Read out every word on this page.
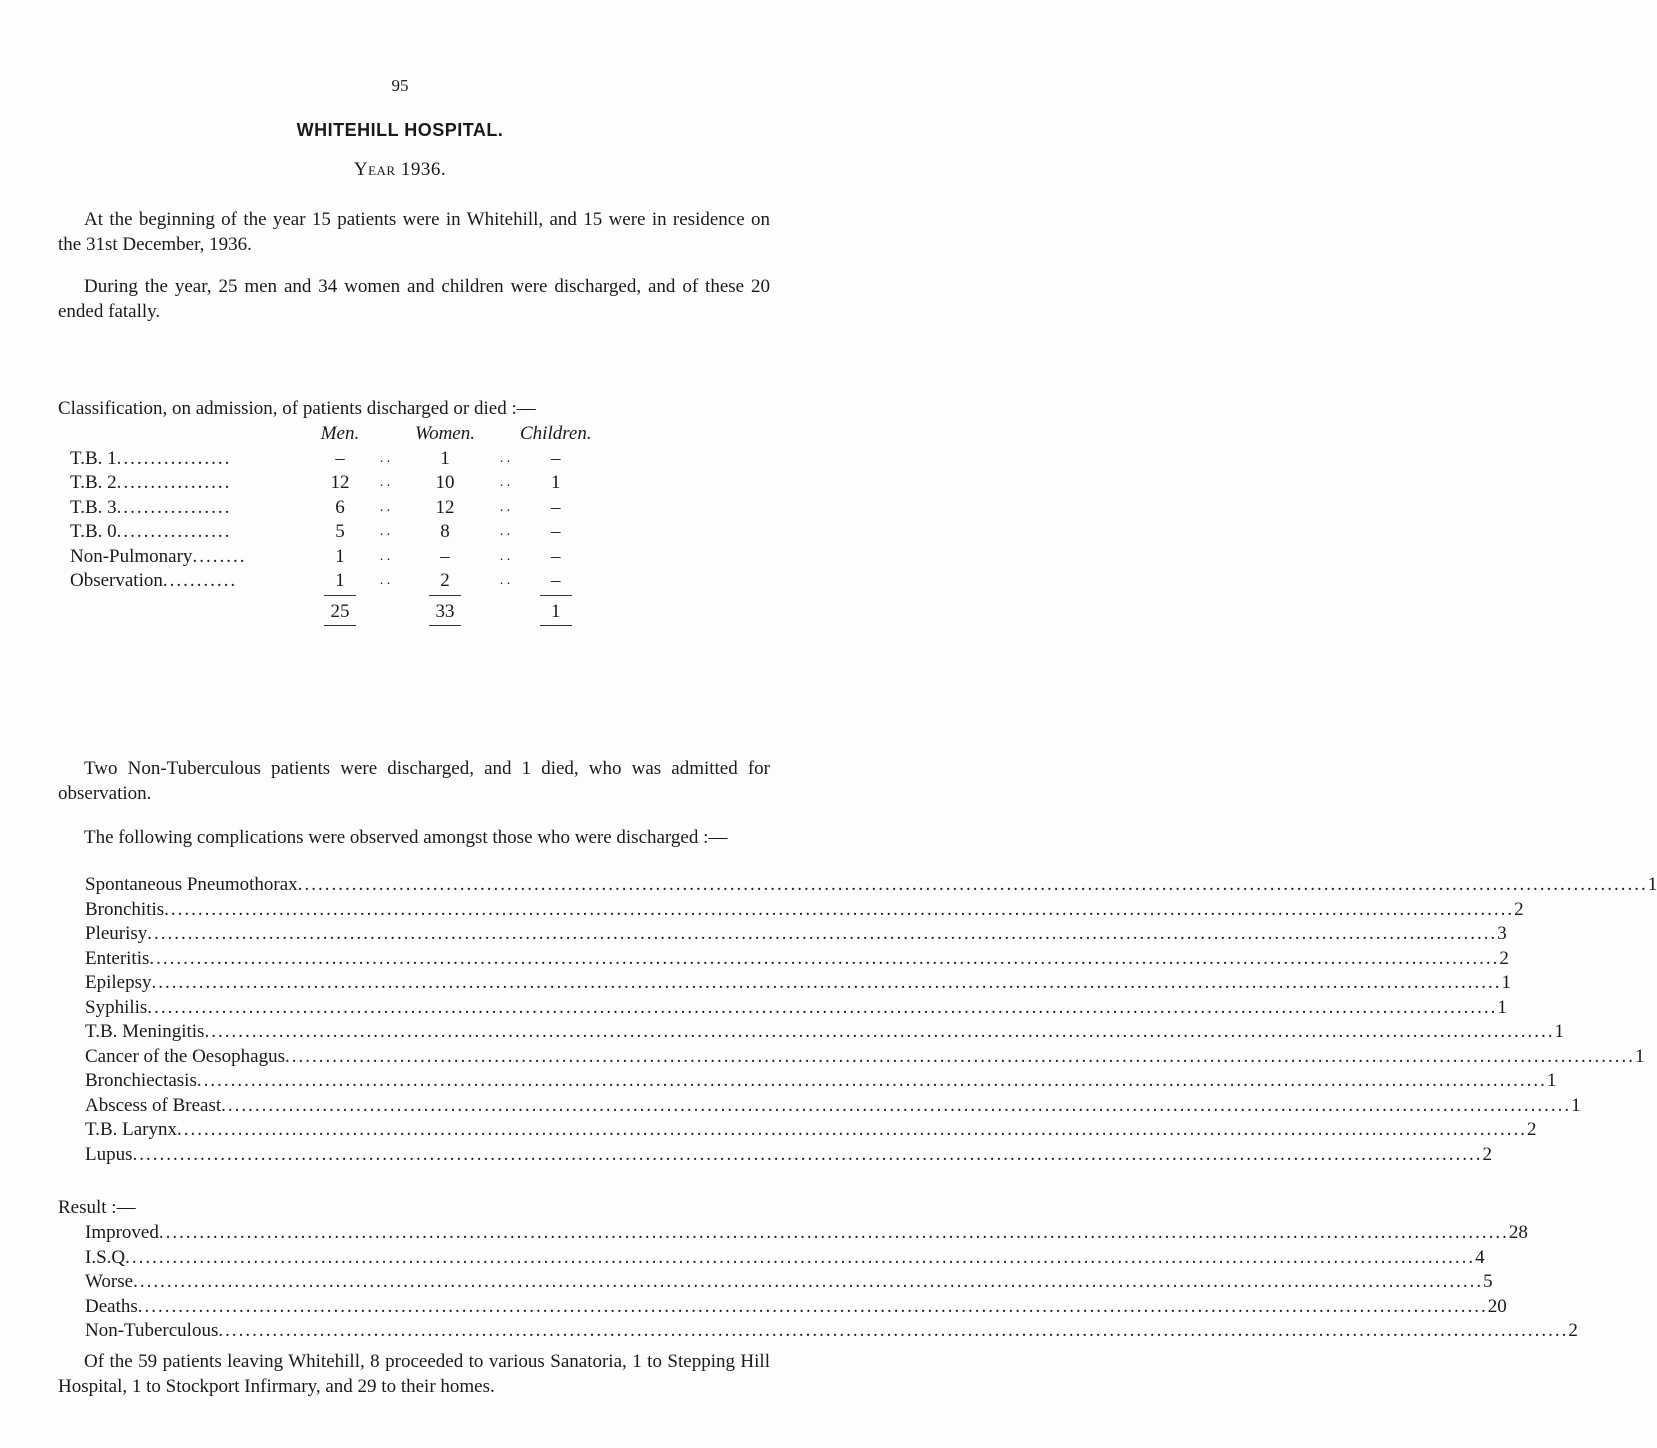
95
WHITEHILL HOSPITAL.
Year 1936.
At the beginning of the year 15 patients were in Whitehill, and 15 were in residence on the 31st December, 1936.
During the year, 25 men and 34 women and children were discharged, and of these 20 ended fatally.
Classification, on admission, of patients discharged or died :—
	Men.		Women.		Children.
T.B. 1.................	–	. .	1	. .	–
T.B. 2.................	12	. .	10	. .	1
T.B. 3.................	6	. .	12	. .	–
T.B. 0.................	5	. .	8	. .	–
Non-Pulmonary........	1	. .	–	. .	–
Observation...........	1	. .	2	. .	–
	25		33		1
Two Non-Tuberculous patients were discharged, and 1 died, who was admitted for observation.
The following complications were observed amongst those who were discharged :—
Spontaneous Pneumothorax ........................................................................................................................................................................................................ 1
Bronchitis ........................................................................................................................................................................................................ 2
Pleurisy ........................................................................................................................................................................................................ 3
Enteritis ........................................................................................................................................................................................................ 2
Epilepsy ........................................................................................................................................................................................................ 1
Syphilis ........................................................................................................................................................................................................ 1
T.B. Meningitis ........................................................................................................................................................................................................ 1
Cancer of the Oesophagus ........................................................................................................................................................................................................ 1
Bronchiectasis ........................................................................................................................................................................................................ 1
Abscess of Breast ........................................................................................................................................................................................................ 1
T.B. Larynx ........................................................................................................................................................................................................ 2
Lupus ........................................................................................................................................................................................................ 2
Result :—
Improved ........................................................................................................................................................................................................ 28
I.S.Q ........................................................................................................................................................................................................ 4
Worse ........................................................................................................................................................................................................ 5
Deaths ........................................................................................................................................................................................................ 20
Non-Tuberculous ........................................................................................................................................................................................................ 2
Of the 59 patients leaving Whitehill, 8 proceeded to various Sanatoria, 1 to Stepping Hill Hospital, 1 to Stockport Infirmary, and 29 to their homes.
